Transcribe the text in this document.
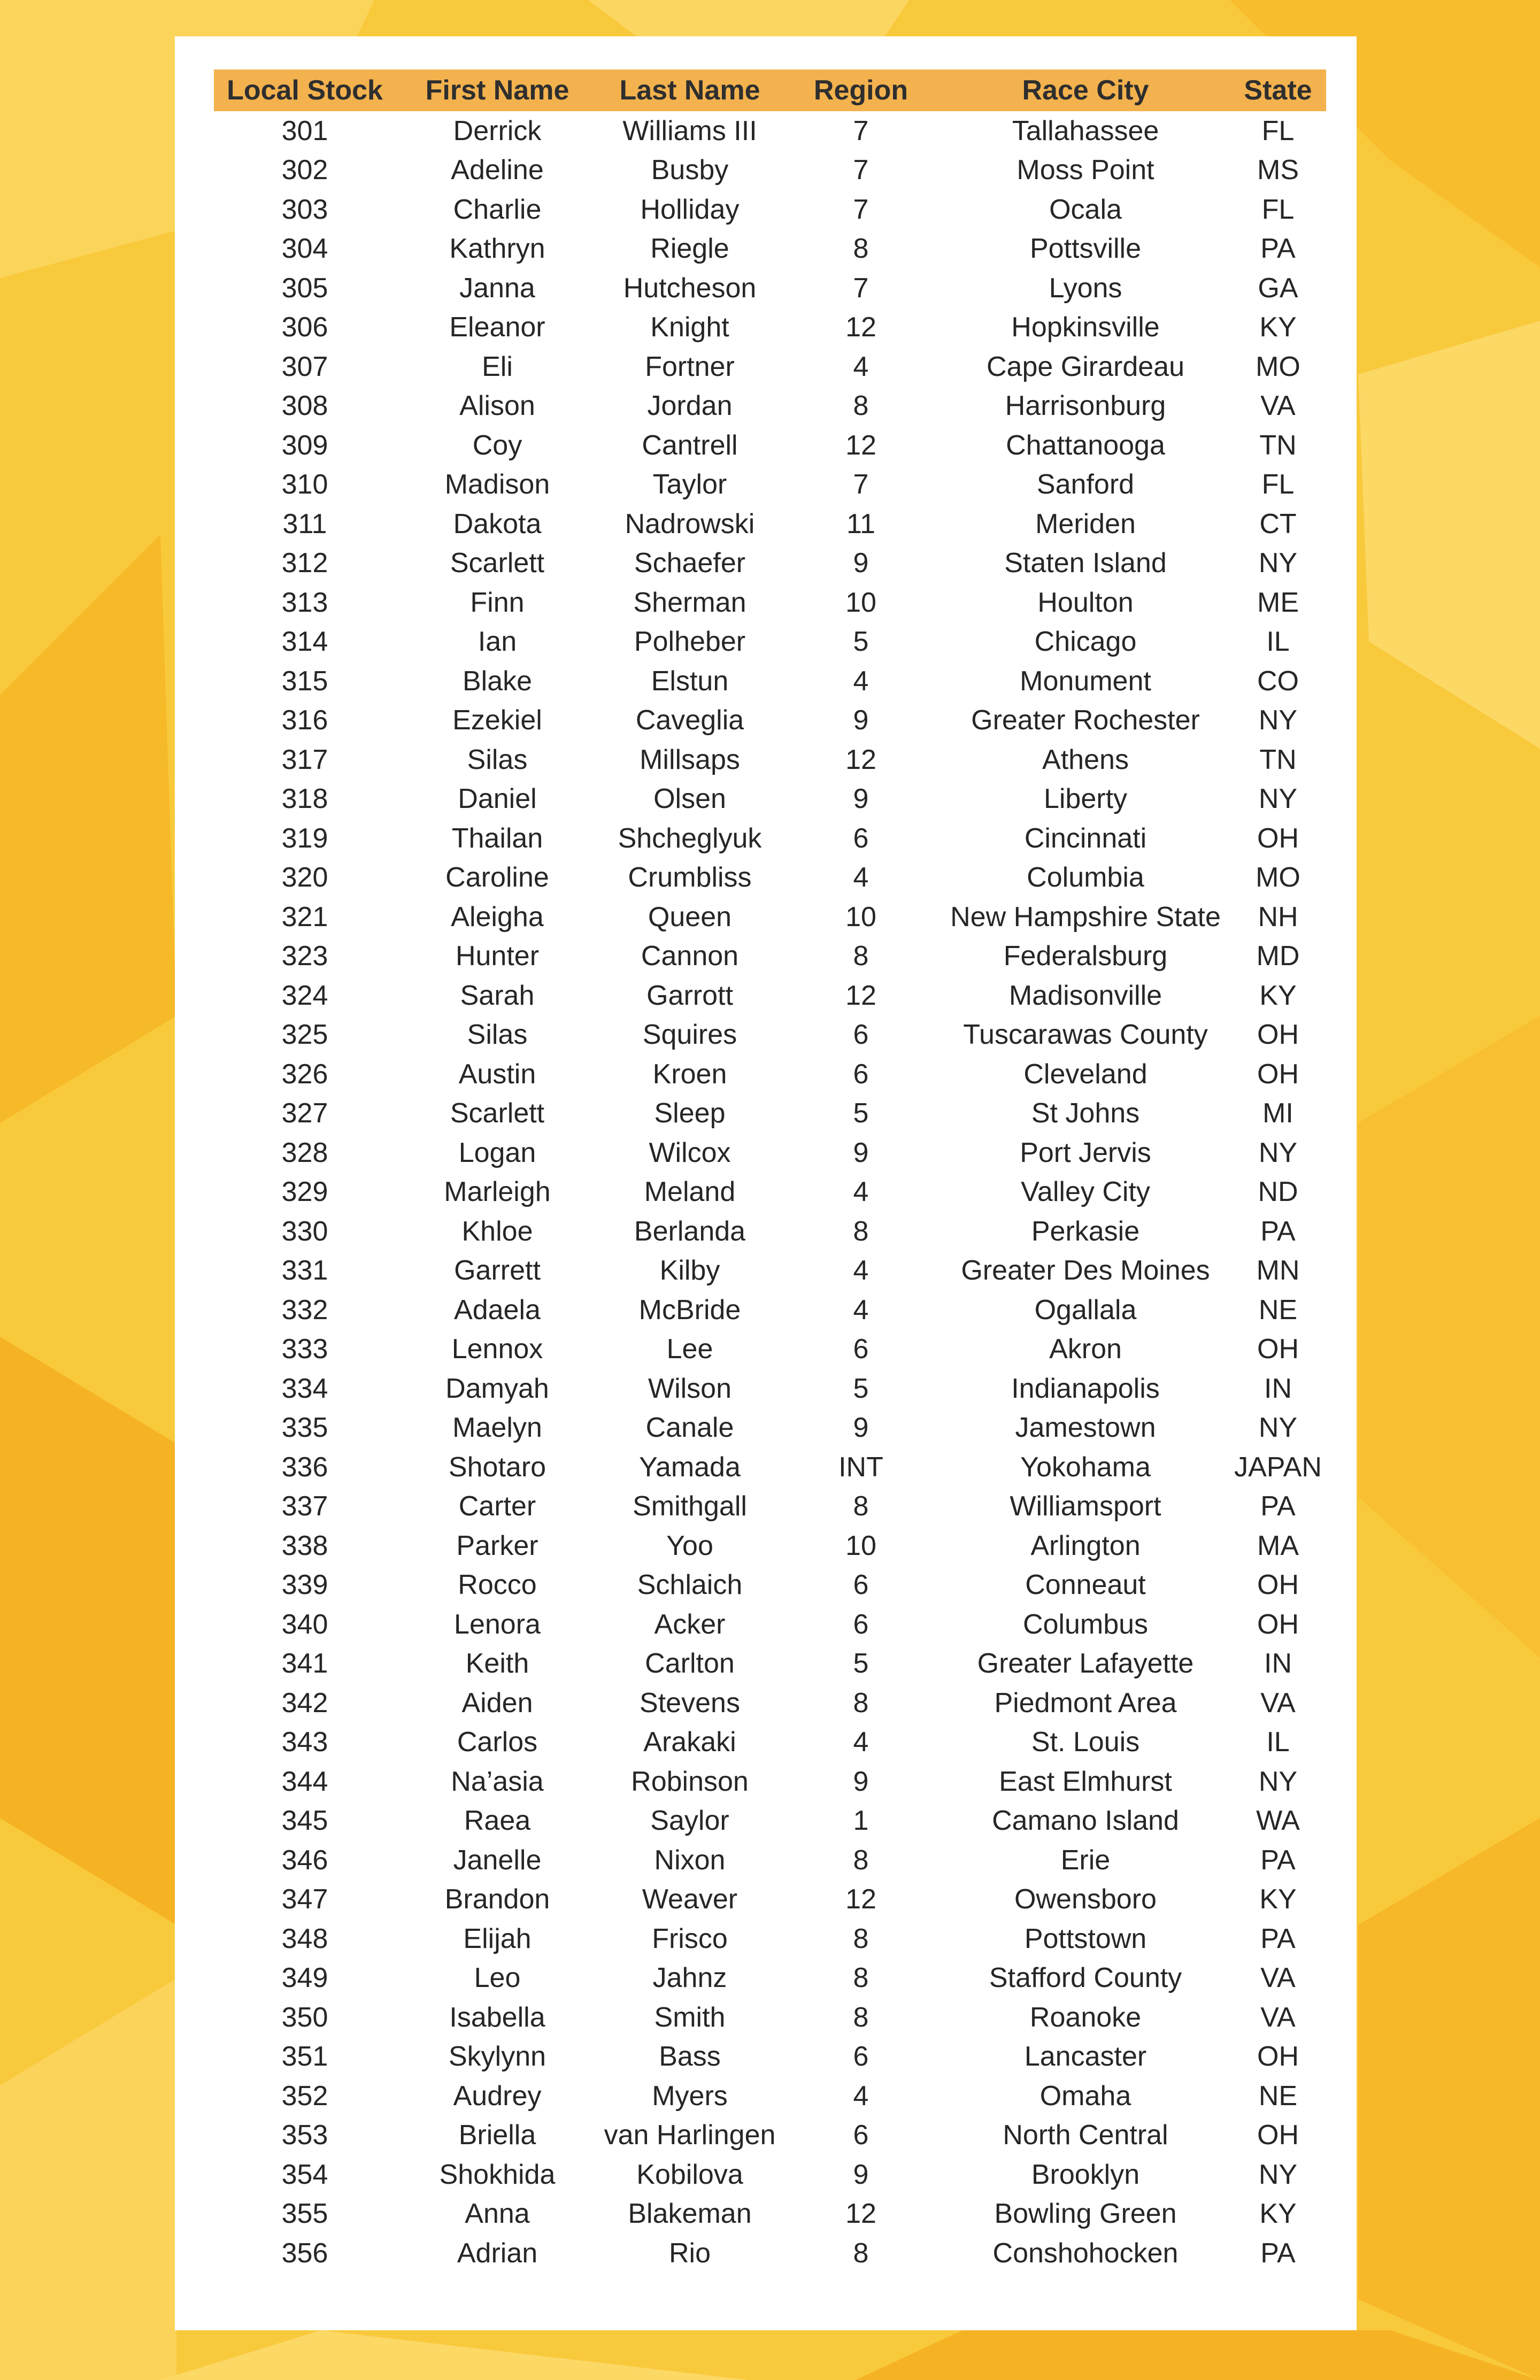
Local Stock	First Name	Last Name	Region	Race City	State
301	Derrick	Williams III	7	Tallahassee	FL
302	Adeline	Busby	7	Moss Point	MS
303	Charlie	Holliday	7	Ocala	FL
304	Kathryn	Riegle	8	Pottsville	PA
305	Janna	Hutcheson	7	Lyons	GA
306	Eleanor	Knight	12	Hopkinsville	KY
307	Eli	Fortner	4	Cape Girardeau	MO
308	Alison	Jordan	8	Harrisonburg	VA
309	Coy	Cantrell	12	Chattanooga	TN
310	Madison	Taylor	7	Sanford	FL
311	Dakota	Nadrowski	11	Meriden	CT
312	Scarlett	Schaefer	9	Staten Island	NY
313	Finn	Sherman	10	Houlton	ME
314	Ian	Polheber	5	Chicago	IL
315	Blake	Elstun	4	Monument	CO
316	Ezekiel	Caveglia	9	Greater Rochester	NY
317	Silas	Millsaps	12	Athens	TN
318	Daniel	Olsen	9	Liberty	NY
319	Thailan	Shcheglyuk	6	Cincinnati	OH
320	Caroline	Crumbliss	4	Columbia	MO
321	Aleigha	Queen	10	New Hampshire State	NH
323	Hunter	Cannon	8	Federalsburg	MD
324	Sarah	Garrott	12	Madisonville	KY
325	Silas	Squires	6	Tuscarawas County	OH
326	Austin	Kroen	6	Cleveland	OH
327	Scarlett	Sleep	5	St Johns	MI
328	Logan	Wilcox	9	Port Jervis	NY
329	Marleigh	Meland	4	Valley City	ND
330	Khloe	Berlanda	8	Perkasie	PA
331	Garrett	Kilby	4	Greater Des Moines	MN
332	Adaela	McBride	4	Ogallala	NE
333	Lennox	Lee	6	Akron	OH
334	Damyah	Wilson	5	Indianapolis	IN
335	Maelyn	Canale	9	Jamestown	NY
336	Shotaro	Yamada	INT	Yokohama	JAPAN
337	Carter	Smithgall	8	Williamsport	PA
338	Parker	Yoo	10	Arlington	MA
339	Rocco	Schlaich	6	Conneaut	OH
340	Lenora	Acker	6	Columbus	OH
341	Keith	Carlton	5	Greater Lafayette	IN
342	Aiden	Stevens	8	Piedmont Area	VA
343	Carlos	Arakaki	4	St. Louis	IL
344	Na’asia	Robinson	9	East Elmhurst	NY
345	Raea	Saylor	1	Camano Island	WA
346	Janelle	Nixon	8	Erie	PA
347	Brandon	Weaver	12	Owensboro	KY
348	Elijah	Frisco	8	Pottstown	PA
349	Leo	Jahnz	8	Stafford County	VA
350	Isabella	Smith	8	Roanoke	VA
351	Skylynn	Bass	6	Lancaster	OH
352	Audrey	Myers	4	Omaha	NE
353	Briella	van Harlingen	6	North Central	OH
354	Shokhida	Kobilova	9	Brooklyn	NY
355	Anna	Blakeman	12	Bowling Green	KY
356	Adrian	Rio	8	Conshohocken	PA
